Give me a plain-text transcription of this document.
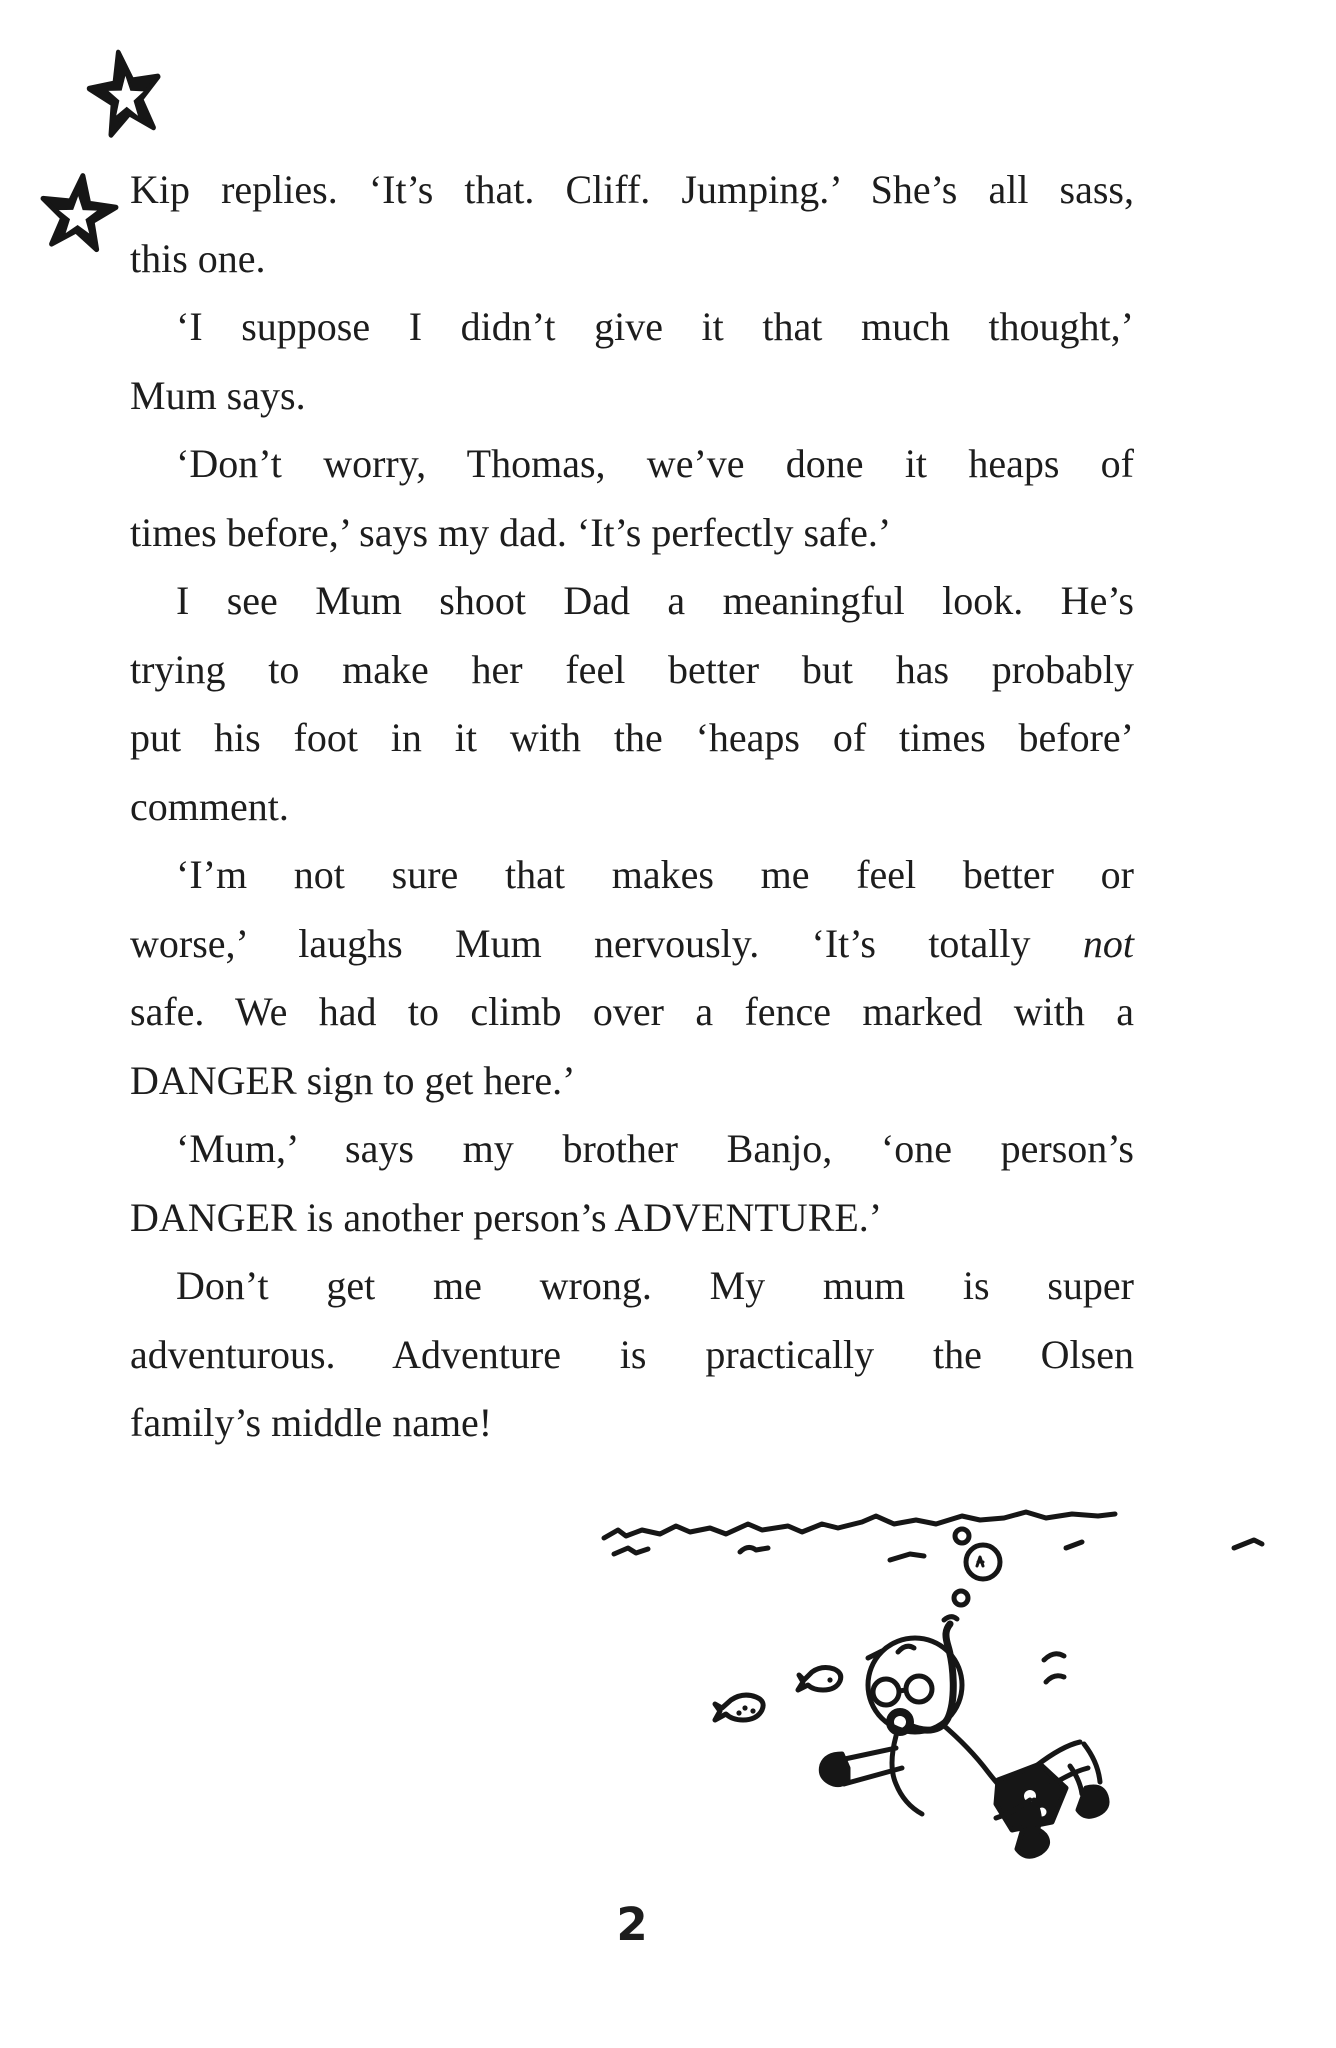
Kip replies. ‘It’s that. Cliff. Jumping.’ She’s all sass,
this one.
‘I suppose I didn’t give it that much thought,’
Mum says.
‘Don’t worry, Thomas, we’ve done it heaps of
times before,’ says my dad. ‘It’s perfectly safe.’
I see Mum shoot Dad a meaningful look. He’s
trying to make her feel better but has probably
put his foot in it with the ‘heaps of times before’
comment.
‘I’m not sure that makes me feel better or
worse,’ laughs Mum nervously. ‘It’s totally not
safe. We had to climb over a fence marked with a
DANGER sign to get here.’
‘Mum,’ says my brother Banjo, ‘one person’s
DANGER is another person’s ADVENTURE.’
Don’t get me wrong. My mum is super
adventurous. Adventure is practically the Olsen
family’s middle name!
2
